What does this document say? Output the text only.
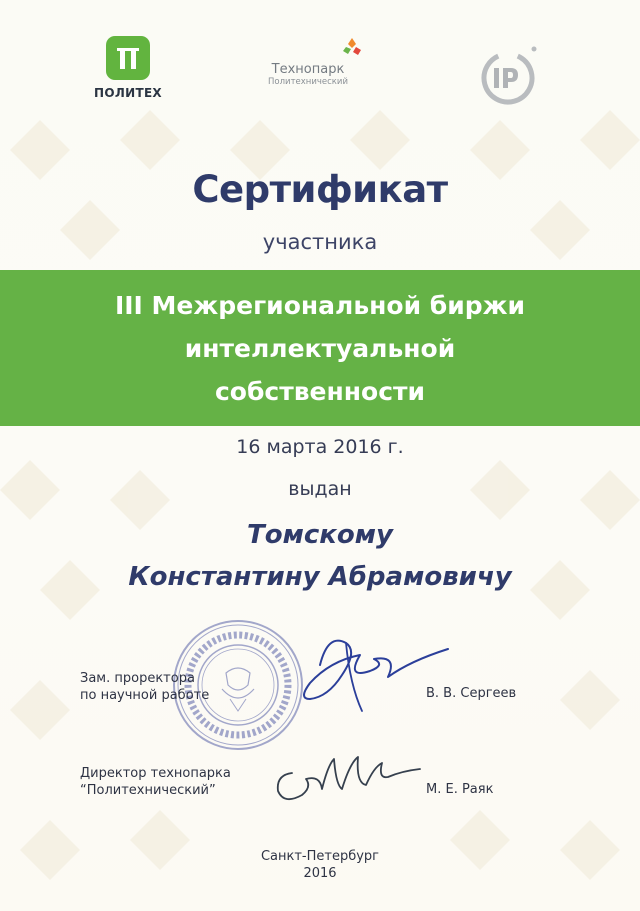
ПОЛИТЕХ
Технопарк
Политехнический
Сертификат
участника
III Межрегиональной биржи
интеллектуальной
собственности
16 марта 2016 г.
выдан
Томскому
Константину Абрамовичу
Зам. проректора
по научной работе	В. В. Сергеев
Директор технопарка
“Политехнический”	М. Е. Раяк
Санкт-Петербург
2016
